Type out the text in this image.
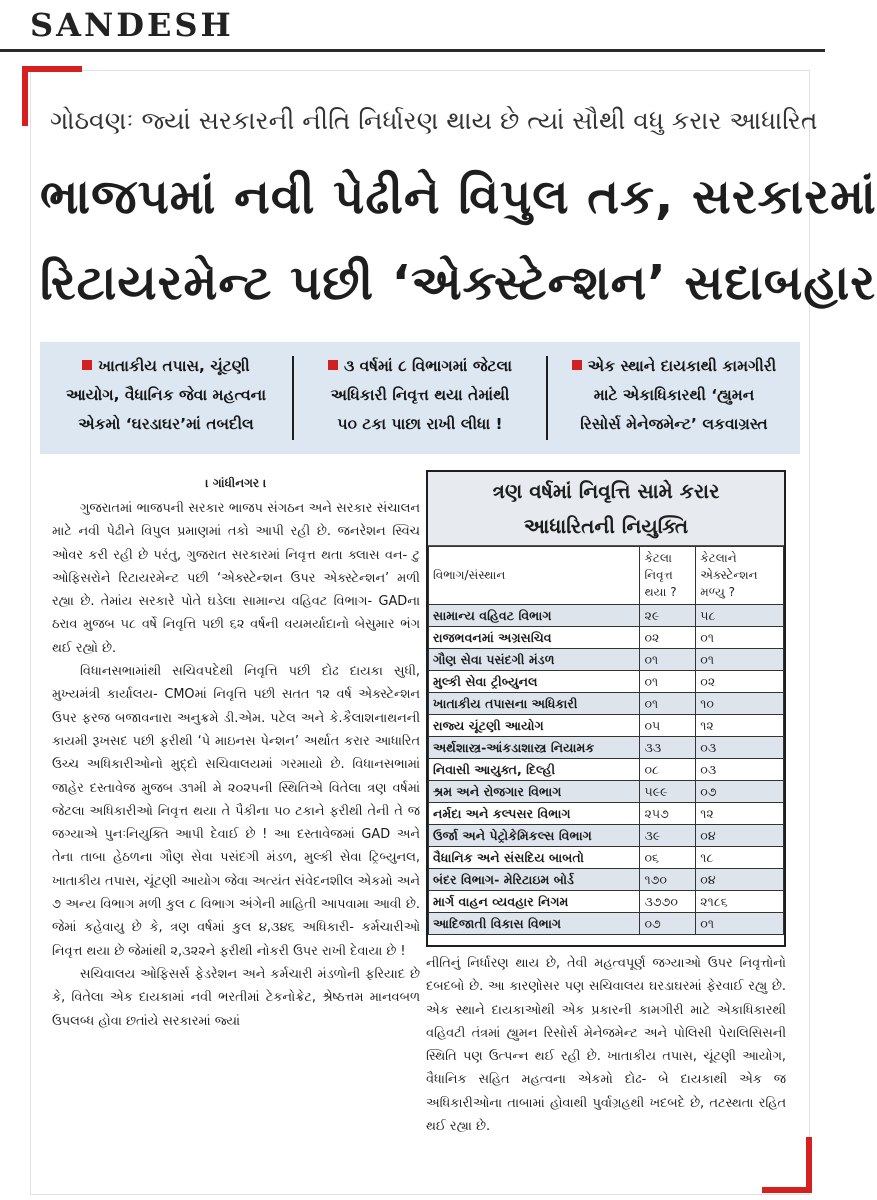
SANDESH
ગોઠવણઃ જ્યાં સરકારની નીતિ નિર્ધારણ થાય છે ત્યાં સૌથી વધુ કરાર આધારિત
ભાજપમાં નવી પેઢીને વિપુલ તક, સરકારમાં
રિટાયરમેન્ટ પછી ‘એક્સ્ટેન્શન’ સદાબહાર
ખાતાકીય તપાસ, ચૂંટણી
આયોગ, વૈધાનિક જેવા મહત્વના
એકમો ‘ઘરડાઘર’માં તબદીલ
૩ વર્ષમાં ૮ વિભાગમાં જેટલા
અધિકારી નિવૃત્ત થયા તેમાંથી
૫૦ ટકા પાછા રાખી લીધા !
એક સ્થાને દાયકાથી કામગીરી
માટે એકાધિકારથી ‘હ્યુમન
રિસોર્સ મેનેજમેન્ટ’ લકવાગ્રસ્ત
। ગાંધીનગર ।

ગુજરાતમાં ભાજપની સરકાર ભાજપ સંગઠન અને સરકાર સંચાલન માટે નવી પેઢીને વિપુલ પ્રમાણમાં તકો આપી રહી છે. જનરેશન સ્વિચ ઓવર કરી રહી છે પરંતુ, ગુજરાત સરકારમાં નિવૃત્ત થતા ક્લાસ વન- ટુ ઓફિસરોને રિટાયરમેન્ટ પછી ‘એક્સ્ટેન્શન ઉપર એક્સ્ટેન્શન’ મળી રહ્યા છે. તેમાંય સરકારે પોતે ઘડેલા સામાન્ય વહિવટ વિભાગ- GADના ઠરાવ મુજબ ૫૮ વર્ષે નિવૃત્તિ પછી ૬૨ વર્ષની વયમર્યાદાનો બેસુમાર ભંગ થઈ રહ્યો છે.

વિધાનસભામાંથી સચિવપદેથી નિવૃત્તિ પછી દોઢ દાયકા સુધી, મુખ્યમંત્રી કાર્યાલય- CMOમાં નિવૃત્તિ પછી સતત ૧૨ વર્ષ એક્સ્ટેન્શન ઉપર ફરજ બજાવનારા અનુક્રમે ડી.એમ. પટેલ અને કે.કૈલાશનાથનની કાયમી રૂખસદ પછી ફરીથી ‘પે માઇનસ પેન્શન’ અર્થાત કરાર આધારિત ઉચ્ચ અધિકારીઓનો મુદ્દો સચિવાલયમાં ગરમાયો છે. વિધાનસભામાં જાહેર દસ્તાવેજ મુજબ ૩૧મી મે ૨૦૨૫ની સ્થિતિએ વિતેલા ત્રણ વર્ષમાં જેટલા અધિકારીઓ નિવૃત્ત થયા તે પૈકીના ૫૦ ટકાને ફરીથી તેની તે જ જગ્યાએ પુનઃનિયુક્તિ આપી દેવાઈ છે ! આ દસ્તાવેજમાં GAD અને તેના તાબા હેઠળના ગૌણ સેવા પસંદગી મંડળ, મુલ્કી સેવા ટ્રિબ્યુનલ, ખાતાકીય તપાસ, ચૂંટણી આયોગ જેવા અત્યંત સંવેદનશીલ એકમો અને ૭ અન્ય વિભાગ મળી કુલ ૮ વિભાગ અંગેની માહિતી આપવામા આવી છે. જેમાં કહેવાયુ છે કે, ત્રણ વર્ષમાં કુલ ૪,૩૪૬ અધિકારી- કર્મચારીઓ નિવૃત્ત થયા છે જેમાંથી ૨,૩૨૨ને ફરીથી નોકરી ઉપર રાખી દેવાયા છે !

સચિવાલય ઓફિસર્સ ફેડરેશન અને કર્મચારી મંડળોની ફરિયાદ છે કે, વિતેલા એક દાયકામાં નવી ભરતીમાં ટેકનોક્રેટ, શ્રેષ્ઠત્તમ માનવબળ ઉપલબ્ધ હોવા છતાંયે સરકારમાં જ્યાં

ત્રણ વર્ષમાં નિવૃત્તિ સામે કરાર
આધારિતની નિયુક્તિ
વિભાગ/સંસ્થાન	કેટલા નિવૃત્ત થયા ?	કેટલાને એક્સ્ટેન્શન મળ્યુ ?
સામાન્ય વહિવટ વિભાગ	૨૯	૫૮
રાજભવનમાં અગ્રસચિવ	૦૨	૦૧
ગૌણ સેવા પસંદગી મંડળ	૦૧	૦૧
મુલ્કી સેવા ટ્રીબ્યુનલ	૦૧	૦૨
ખાતાકીય તપાસના અધિકારી	૦૧	૧૦
રાજ્ય ચૂંટણી આયોગ	૦૫	૧૨
અર્થશાસ્ત્ર-આંકડાશાસ્ત્ર નિયામક	૩૩	૦૩
નિવાસી આયુક્ત, દિલ્હી	૦૮	૦૩
શ્રમ અને રોજગાર વિભાગ	૫૯૯	૦૭
નર્મદા અને કલ્પસર વિભાગ	૨૫૭	૧૨
ઉર્જા અને પેટ્રોકેમિકલ્સ વિભાગ	૩૯	૦૪
વૈધાનિક અને સંસદિય બાબતો	૦૬	૧૮
બંદર વિભાગ- મેરિટાઇમ બોર્ડ	૧૭૦	૦૪
માર્ગ વાહન વ્યવહાર નિગમ	૩૭૭૦	૨૧૮૬
આદિજાતી વિકાસ વિભાગ	૦૭	૦૧

નીતિનું નિર્ધારણ થાય છે, તેવી મહત્વપૂર્ણ જગ્યાઓ ઉપર નિવૃત્તોનો દબદબો છે. આ કારણોસર પણ સચિવાલય ઘરડાઘરમાં ફેરવાઈ રહ્યુ છે. એક સ્થાને દાયકાઓથી એક પ્રકારની કામગીરી માટે એકાધિકારથી વહિવટી તંત્રમાં હ્યુમન રિસોર્સ મેનેજમેન્ટ અને પોલિસી પેરાલિસિસની સ્થિતિ પણ ઉત્પન્ન થઈ રહી છે. ખાતાકીય તપાસ, ચૂંટણી આયોગ, વૈધાનિક સહિત મહત્વના એકમો દોઢ- બે દાયકાથી એક જ અધિકારીઓના તાબામાં હોવાથી પુર્વાગ્રહથી ખદબદે છે, તટસ્થતા રહિત થઈ રહ્યા છે.
